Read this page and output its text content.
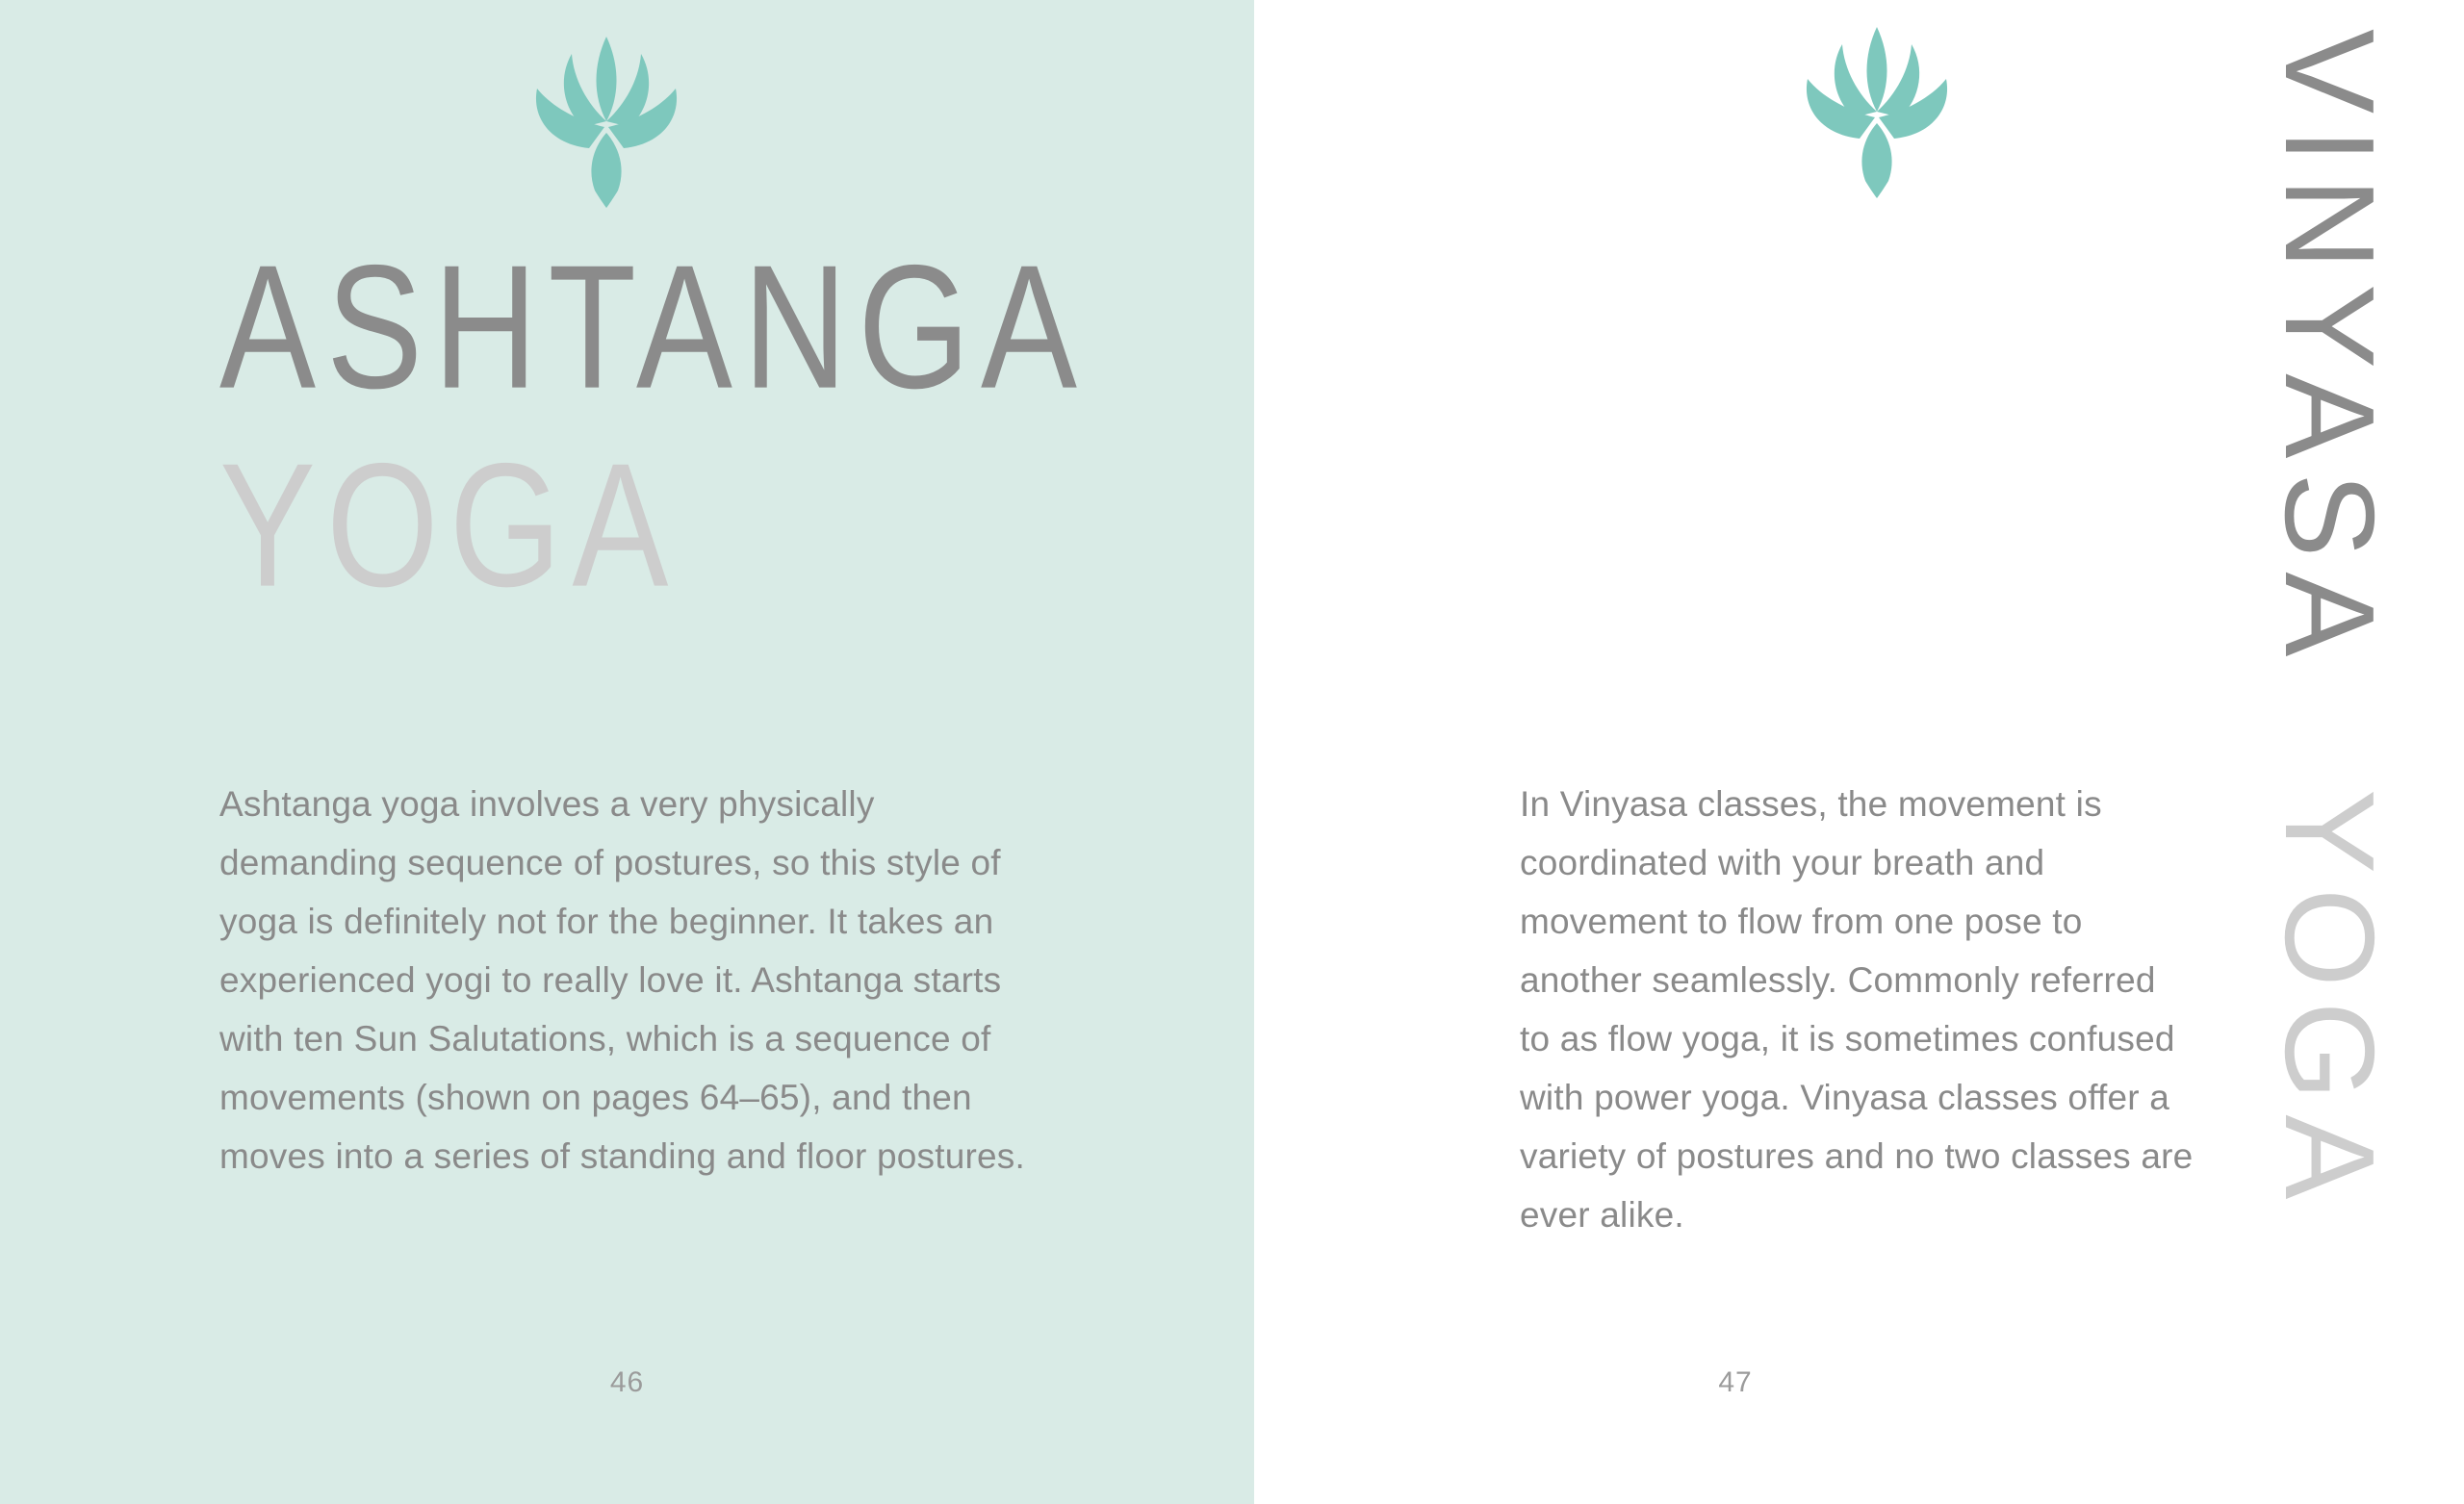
ASHTANGA
YOGA
Ashtanga yoga involves a very physically demanding sequence of postures, so this style of yoga is definitely not for the beginner. It takes an experienced yogi to really love it. Ashtanga starts with ten Sun Salutations, which is a sequence of movements (shown on pages 64–65), and then moves into a series of standing and floor postures.
46
VINYASA
YOGA
In Vinyasa classes, the movement is coordinated with your breath and movement to flow from one pose to another seamlessly. Commonly referred to as flow yoga, it is sometimes confused with power yoga. Vinyasa classes offer a variety of postures and no two classes are ever alike.
47
